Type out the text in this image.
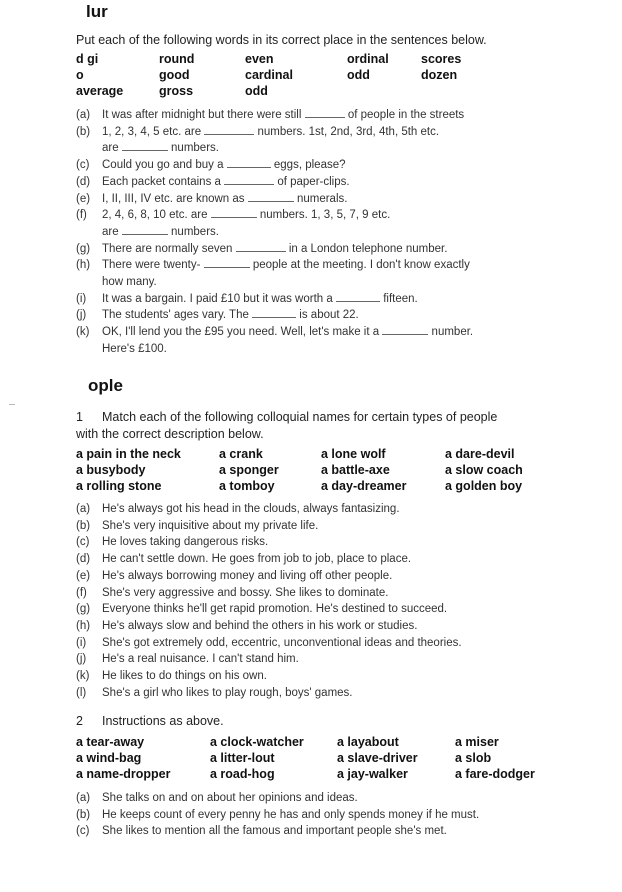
lur
Put each of the following words in its correct place in the sentences below.
d gi	round	even	ordinal	scores
o	good	cardinal	odd	dozen
average	gross	odd
(a)	It was after midnight but there were still	of people in the streets
(b)	1, 2, 3, 4, 5 etc. are	numbers. 1st, 2nd, 3rd, 4th, 5th etc.
are	numbers.
(c)	Could you go and buy a	eggs, please?
(d)	Each packet contains a	of paper-clips.
(e)	I, II, III, IV etc. are known as	numerals.
(f)	2, 4, 6, 8, 10 etc. are	numbers. 1, 3, 5, 7, 9 etc.
are	numbers.
(g)	There are normally seven	in a London telephone number.
(h)	There were twenty-	people at the meeting. I don't know exactly
how many.
(i)	It was a bargain. I paid £10 but it was worth a	fifteen.
(j)	The students' ages vary. The	is about 22.
(k)	OK, I'll lend you the £95 you need. Well, let's make it a	number.
Here's £100.
ople
1 Match each of the following colloquial names for certain types of people
with the correct description below.
a pain in the neck	a crank	a lone wolf	a dare-devil
a busybody	a sponger	a battle-axe	a slow coach
a rolling stone	a tomboy	a day-dreamer	a golden boy
(a)	He's always got his head in the clouds, always fantasizing.
(b)	She's very inquisitive about my private life.
(c)	He loves taking dangerous risks.
(d)	He can't settle down. He goes from job to job, place to place.
(e)	He's always borrowing money and living off other people.
(f)	She's very aggressive and bossy. She likes to dominate.
(g)	Everyone thinks he'll get rapid promotion. He's destined to succeed.
(h)	He's always slow and behind the others in his work or studies.
(i)	She's got extremely odd, eccentric, unconventional ideas and theories.
(j)	He's a real nuisance. I can't stand him.
(k)	He likes to do things on his own.
(l)	She's a girl who likes to play rough, boys' games.
2 Instructions as above.
a tear-away	a clock-watcher	a layabout	a miser
a wind-bag	a litter-lout	a slave-driver	a slob
a name-dropper	a road-hog	a jay-walker	a fare-dodger
(a)	She talks on and on about her opinions and ideas.
(b)	He keeps count of every penny he has and only spends money if he must.
(c)	She likes to mention all the famous and important people she's met.
